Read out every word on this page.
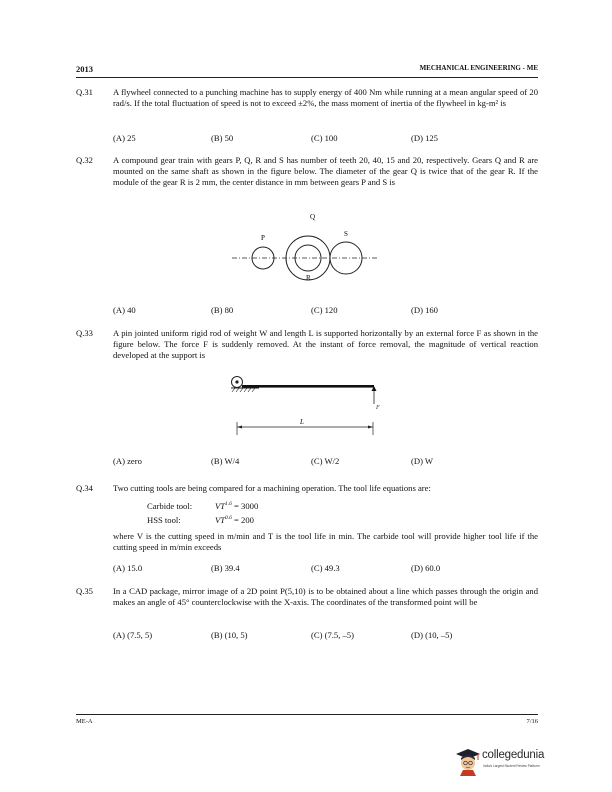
2013	MECHANICAL ENGINEERING - ME
Q.31 A flywheel connected to a punching machine has to supply energy of 400 Nm while running at a mean angular speed of 20 rad/s. If the total fluctuation of speed is not to exceed ±2%, the mass moment of inertia of the flywheel in kg-m² is
(A) 25	(B) 50	(C) 100	(D) 125
Q.32 A compound gear train with gears P, Q, R and S has number of teeth 20, 40, 15 and 20, respectively. Gears Q and R are mounted on the same shaft as shown in the figure below. The diameter of the gear Q is twice that of the gear R. If the module of the gear R is 2 mm, the center distance in mm between gears P and S is
P
Q
R
S
(A) 40	(B) 80	(C) 120	(D) 160
Q.33 A pin jointed uniform rigid rod of weight W and length L is supported horizontally by an external force F as shown in the figure below. The force F is suddenly removed. At the instant of force removal, the magnitude of vertical reaction developed at the support is
F
L
(A) zero	(B) W/4	(C) W/2	(D) W
Q.34 Two cutting tools are being compared for a machining operation. The tool life equations are:
Carbide tool:	$VT^{1.6} = 3000$
HSS tool:	$VT^{0.6} = 200$
where V is the cutting speed in m/min and T is the tool life in min. The carbide tool will provide higher tool life if the cutting speed in m/min exceeds
(A) 15.0	(B) 39.4	(C) 49.3	(D) 60.0
Q.35 In a CAD package, mirror image of a 2D point P(5,10) is to be obtained about a line which passes through the origin and makes an angle of 45° counterclockwise with the X-axis. The coordinates of the transformed point will be
(A) (7.5, 5)	(B) (10, 5)	(C) (7.5, –5)	(D) (10, –5)
ME-A	7/16
collegedunia
India's Largest Student Review Platform
